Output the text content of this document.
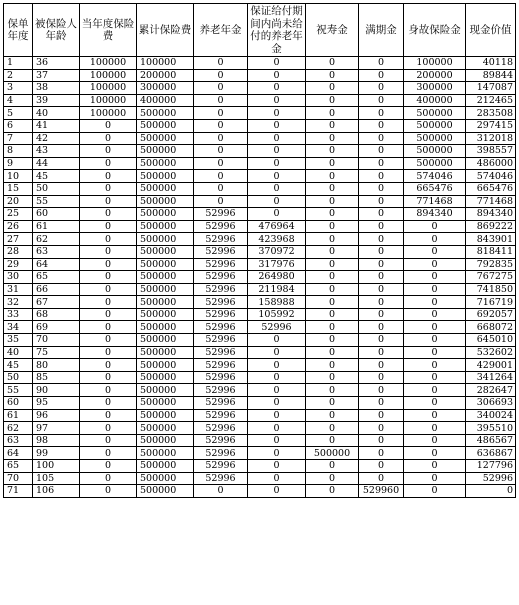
保单年度	被保险人年龄	当年度保险费	累计保险费	养老年金	保证给付期间内尚未给付的养老年金	祝寿金	满期金	身故保险金	现金价值
1	36	100000	100000	0	0	0	0	100000	40118
2	37	100000	200000	0	0	0	0	200000	89844
3	38	100000	300000	0	0	0	0	300000	147087
4	39	100000	400000	0	0	0	0	400000	212465
5	40	100000	500000	0	0	0	0	500000	283508
6	41	0	500000	0	0	0	0	500000	297415
7	42	0	500000	0	0	0	0	500000	312018
8	43	0	500000	0	0	0	0	500000	398557
9	44	0	500000	0	0	0	0	500000	486000
10	45	0	500000	0	0	0	0	574046	574046
15	50	0	500000	0	0	0	0	665476	665476
20	55	0	500000	0	0	0	0	771468	771468
25	60	0	500000	52996	0	0	0	894340	894340
26	61	0	500000	52996	476964	0	0	0	869222
27	62	0	500000	52996	423968	0	0	0	843901
28	63	0	500000	52996	370972	0	0	0	818411
29	64	0	500000	52996	317976	0	0	0	792835
30	65	0	500000	52996	264980	0	0	0	767275
31	66	0	500000	52996	211984	0	0	0	741850
32	67	0	500000	52996	158988	0	0	0	716719
33	68	0	500000	52996	105992	0	0	0	692057
34	69	0	500000	52996	52996	0	0	0	668072
35	70	0	500000	52996	0	0	0	0	645010
40	75	0	500000	52996	0	0	0	0	532602
45	80	0	500000	52996	0	0	0	0	429001
50	85	0	500000	52996	0	0	0	0	341264
55	90	0	500000	52996	0	0	0	0	282647
60	95	0	500000	52996	0	0	0	0	306693
61	96	0	500000	52996	0	0	0	0	340024
62	97	0	500000	52996	0	0	0	0	395510
63	98	0	500000	52996	0	0	0	0	486567
64	99	0	500000	52996	0	500000	0	0	636867
65	100	0	500000	52996	0	0	0	0	127796
70	105	0	500000	52996	0	0	0	0	52996
71	106	0	500000	0	0	0	529960	0	0
